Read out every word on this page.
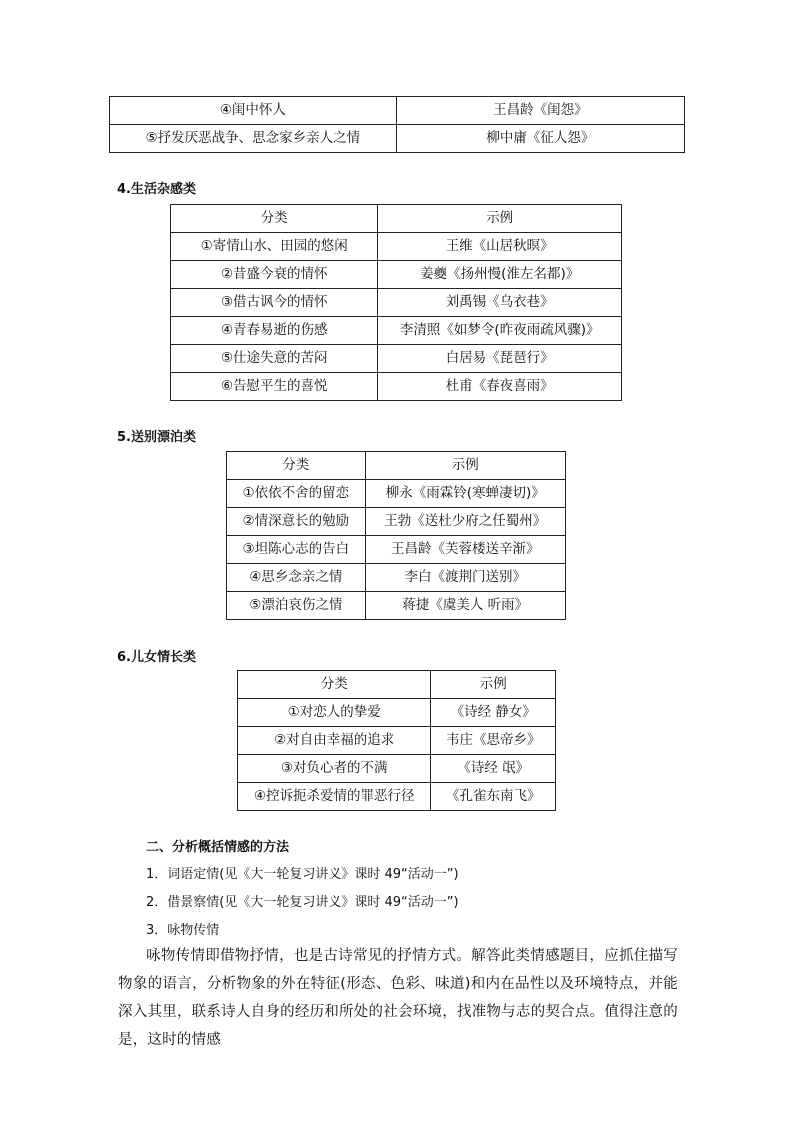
④闺中怀人	王昌龄《闺怨》
⑤抒发厌恶战争、思念家乡亲人之情	柳中庸《征人怨》

4.生活杂感类

分类	示例
①寄情山水、田园的悠闲	王维《山居秋暝》
②昔盛今衰的情怀	姜夔《扬州慢(淮左名都)》
③借古讽今的情怀	刘禹锡《乌衣巷》
④青春易逝的伤感	李清照《如梦令(昨夜雨疏风骤)》
⑤仕途失意的苦闷	白居易《琵琶行》
⑥告慰平生的喜悦	杜甫《春夜喜雨》

5.送别漂泊类

分类	示例
①依依不舍的留恋	柳永《雨霖铃(寒蝉凄切)》
②情深意长的勉励	王勃《送杜少府之任蜀州》
③坦陈心志的告白	王昌龄《芙蓉楼送辛渐》
④思乡念亲之情	李白《渡荆门送别》
⑤漂泊哀伤之情	蒋捷《虞美人 听雨》

6.儿女情长类

分类	示例
①对恋人的挚爱	《诗经 静女》
②对自由幸福的追求	韦庄《思帝乡》
③对负心者的不满	《诗经 氓》
④控诉扼杀爱情的罪恶行径	《孔雀东南飞》

二、分析概括情感的方法

1．词语定情(见《大一轮复习讲义》课时 49“活动一”)

2．借景察情(见《大一轮复习讲义》课时 49“活动一”)

3．咏物传情

咏物传情即借物抒情，也是古诗常见的抒情方式。解答此类情感题目，应抓住描写物象的语言，分析物象的外在特征(形态、色彩、味道)和内在品性以及环境特点，并能深入其里，联系诗人自身的经历和所处的社会环境，找准物与志的契合点。值得注意的是，这时的情感
